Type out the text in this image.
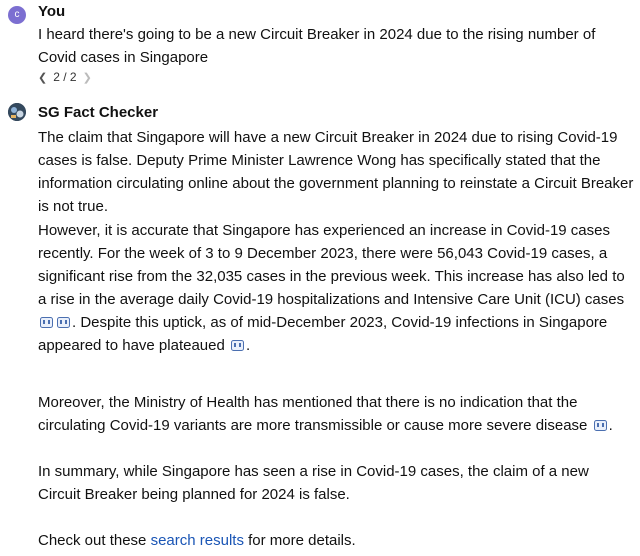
c	You
I heard there's going to be a new Circuit Breaker in 2024 due to the rising number of Covid cases in Singapore
❮ 2 / 2 ❯
SG Fact Checker
The claim that Singapore will have a new Circuit Breaker in 2024 due to rising Covid-19 cases is false. Deputy Prime Minister Lawrence Wong has specifically stated that the information circulating online about the government planning to reinstate a Circuit Breaker is not true.
However, it is accurate that Singapore has experienced an increase in Covid-19 cases recently. For the week of 3 to 9 December 2023, there were 56,043 Covid-19 cases, a significant rise from the 32,035 cases in the previous week. This increase has also led to a rise in the average daily Covid-19 hospitalizations and Intensive Care Unit (ICU) cases . Despite this uptick, as of mid-December 2023, Covid-19 infections in Singapore appeared to have plateaued .
Moreover, the Ministry of Health has mentioned that there is no indication that the circulating Covid-19 variants are more transmissible or cause more severe disease .
In summary, while Singapore has seen a rise in Covid-19 cases, the claim of a new Circuit Breaker being planned for 2024 is false.
Check out these search results for more details.
